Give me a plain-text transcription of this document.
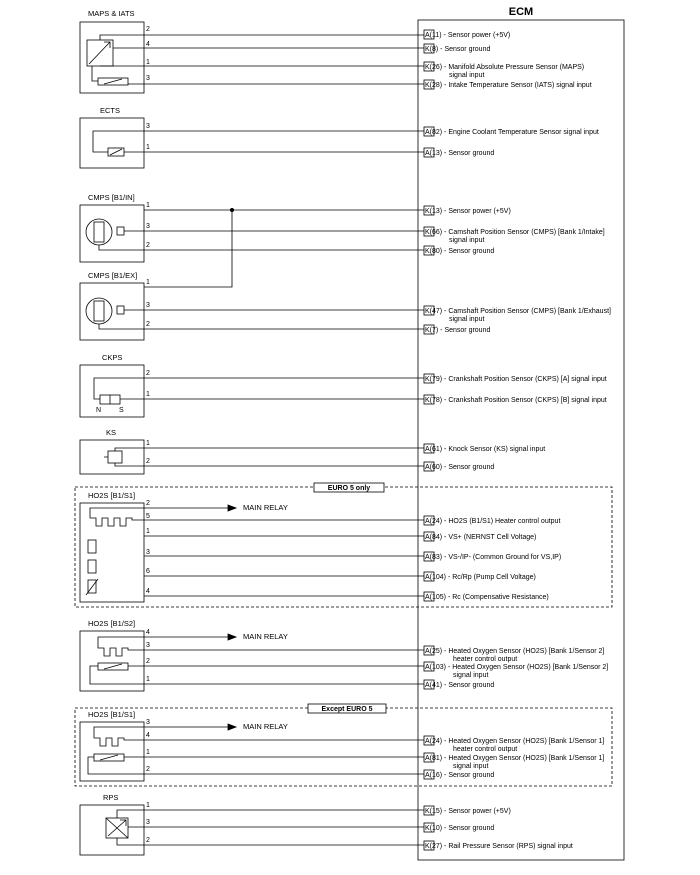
ECM
MAPS & IATS
2
4
1
3
A(11) - Sensor power (+5V)
K(8) - Sensor ground
K(26) - Manifold Absolute Pressure Sensor (MAPS)
signal input
K(28) - Intake Temperature Sensor (IATS) signal input
ECTS
3
1
A(82) - Engine Coolant Temperature Sensor signal input
A(13) - Sensor ground
CMPS [B1/IN]
1
3
2
K(13) - Sensor power (+5V)
K(66) - Camshaft Position Sensor (CMPS) [Bank 1/Intake]
signal input
K(80) - Sensor ground
CMPS [B1/EX]
1
3
2
K(47) - Camshaft Position Sensor (CMPS) [Bank 1/Exhaust]
signal input
K(7) - Sensor ground
CKPS
N	S
2
1
K(79) - Crankshaft Position Sensor (CKPS) [A] signal input
K(78) - Crankshaft Position Sensor (CKPS) [B] signal input
KS
1
2
A(61) - Knock Sensor (KS) signal input
A(60) - Sensor ground
EURO 5 only
HO2S [B1/S1]
2
5
1
3
6
4
MAIN RELAY
A(24) - HO2S (B1/S1) Heater control output
A(84) - VS+ (NERNST Cell Voltage)
A(83) - VS-/IP- (Common Ground for VS,IP)
A(104) - Rc/Rp (Pump Cell Voltage)
A(105) - Rc (Compensative Resistance)
HO2S [B1/S2]
4
3
2
1
MAIN RELAY
A(25) - Heated Oxygen Sensor (HO2S) [Bank 1/Sensor 2]
heater control output
A(103) - Heated Oxygen Sensor (HO2S) [Bank 1/Sensor 2]
signal input
A(41) - Sensor ground
Except EURO 5
HO2S [B1/S1]
3
4
1
2
MAIN RELAY
A(24) - Heated Oxygen Sensor (HO2S) [Bank 1/Sensor 1]
heater control output
A(81) - Heated Oxygen Sensor (HO2S) [Bank 1/Sensor 1]
signal input
A(16) - Sensor ground
RPS
1
3
2
K(15) - Sensor power (+5V)
K(10) - Sensor ground
K(27) - Rail Pressure Sensor (RPS) signal input
